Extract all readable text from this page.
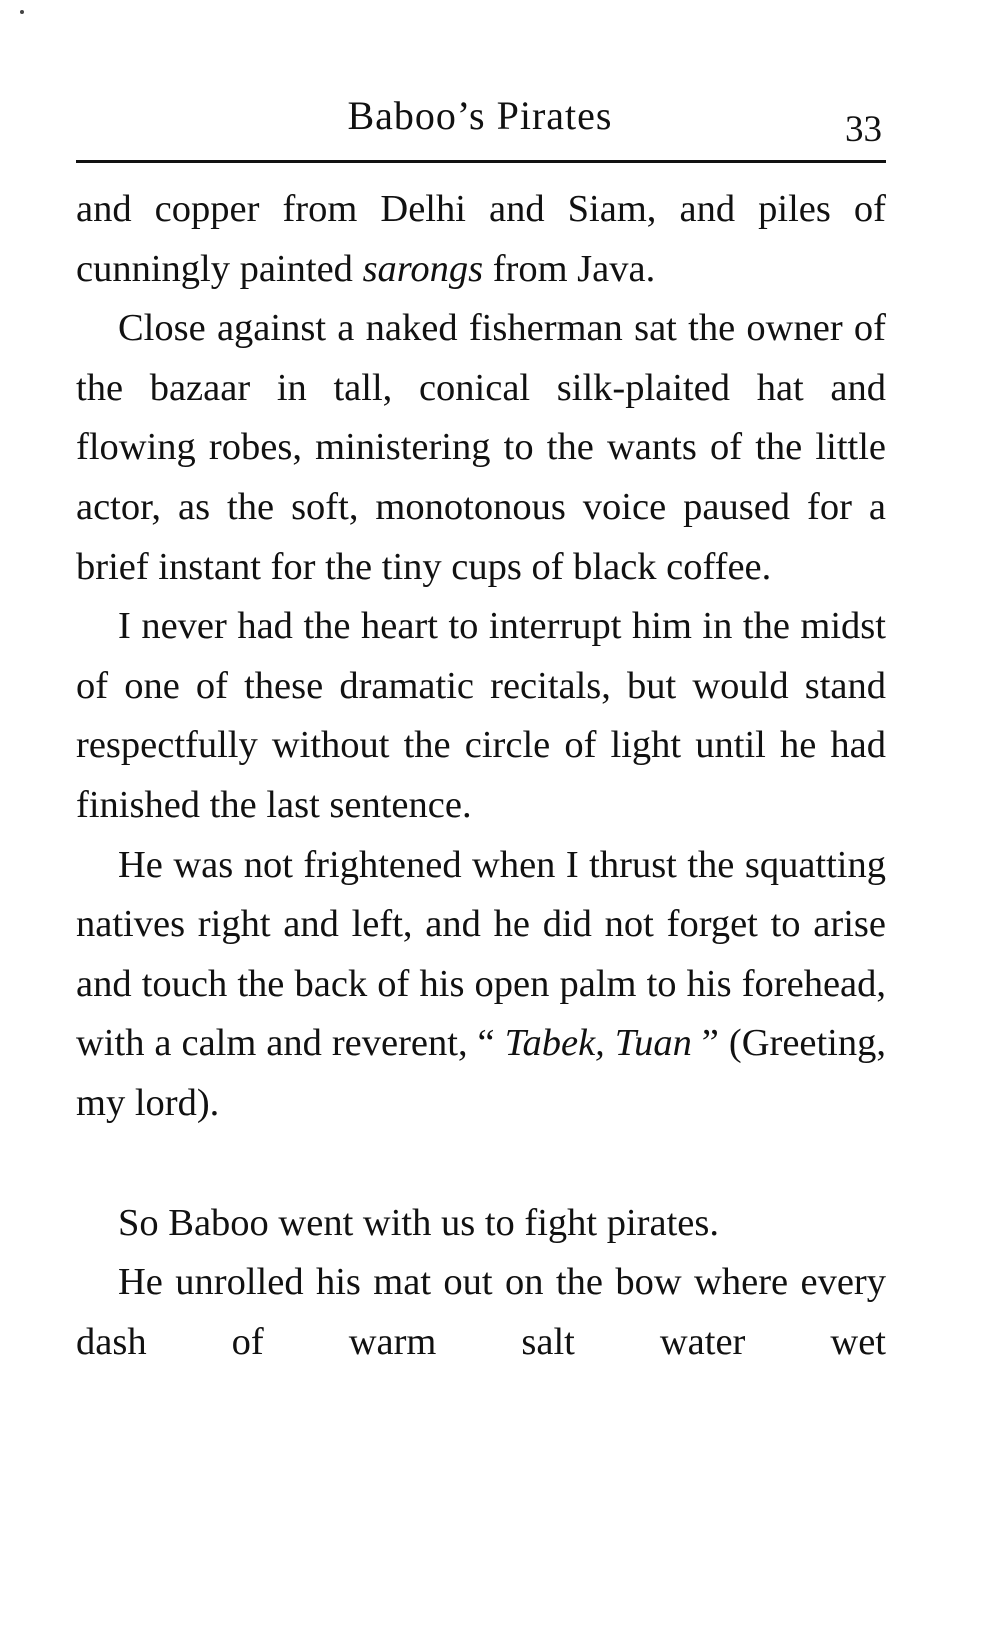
Baboo’s Pirates	33

and copper from Delhi and Siam, and piles of cunningly painted sarongs from Java.

Close against a naked fisherman sat the owner of the bazaar in tall, conical silk-plaited hat and flowing robes, ministering to the wants of the little actor, as the soft, monotonous voice paused for a brief instant for the tiny cups of black coffee.

I never had the heart to interrupt him in the midst of one of these dramatic recitals, but would stand respectfully without the circle of light until he had finished the last sentence.

He was not frightened when I thrust the squatting natives right and left, and he did not forget to arise and touch the back of his open palm to his forehead, with a calm and reverent, “ Tabek, Tuan ” (Greeting, my lord).

So Baboo went with us to fight pirates.

He unrolled his mat out on the bow where every dash of warm salt water wet
